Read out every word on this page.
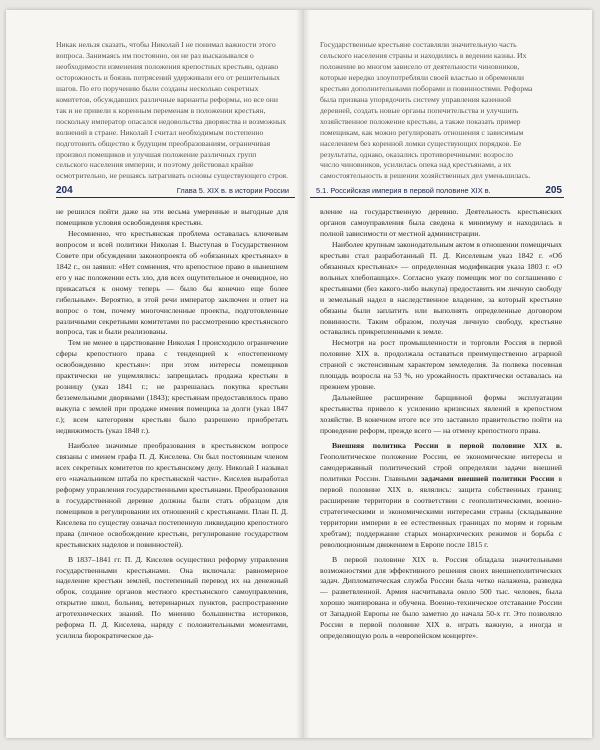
Никак нельзя сказать, чтобы Николай I не понимал важности этого
вопроса. Занимаясь им постоянно, он не раз высказывался о
необходимости изменения положения крепостных крестьян, однако
осторожность и боязнь потрясений удерживали его от решительных
шагов. По его поручению были созданы несколько секретных
комитетов, обсуждавших различные варианты реформы, но все они
так и не привели к коренным переменам в положении крестьян,
поскольку император опасался недовольства дворянства и возможных
волнений в стране. Николай I считал необходимым постепенно
подготовить общество к будущим преобразованиям, ограничивая
произвол помещиков и улучшая положение различных групп
сельского населения империи, и поэтому действовал крайне
осмотрительно, не решаясь затрагивать основы существующего строя.
204	Глава 5. XIX в. в истории России

не решился пойти даже на эти весьма умеренные и выгодные для помещиков условия освобождения крестьян.

Несомненно, что крестьянская проблема оставалась ключевым вопросом и всей политики Николая I. Выступая в Государственном Совете при обсуждении законопроекта об «обязанных крестьянах» в 1842 г., он заявил: «Нет сомнения, что крепостное право в нынешнем его у нас положении есть зло, для всех ощутительное и очевидное, но прикасаться к оному теперь — было бы конечно еще более гибельным». Вероятно, в этой речи император заключен и ответ на вопрос о том, почему многочисленные проекты, подготовленные различными секретными комитетами по рассмотрению крестьянского вопроса, так и были реализованы.

Тем не менее в царствование Николая I происходило ограничение сферы крепостного права с тенденцией к «постепенному освобождению крестьян»: при этом интересы помещиков практически не ущемлялись: запрещалась продажа крестьян в розницу (указ 1841 г.; не разрешалась покупка крестьян безземельными дворянами (1843); крестьянам предоставлялось право выкупа с землей при продаже имения помещика за долги (указ 1847 г.); всем категориям крестьян было разрешено приобретать недвижимость (указ 1848 г.).

Наиболее значимые преобразования в крестьянском вопросе связаны с именем графа П. Д. Киселева. Он был постоянным членом всех секретных комитетов по крестьянскому делу. Николай I называл его «начальником штаба по крестьянской части». Киселев выработал реформу управления государственными крестьянами. Преобразования в государственной деревне должны были стать образцом для помещиков в регулировании их отношений с крестьянами. План П. Д. Киселева по существу означал постепенную ликвидацию крепостного права (личное освобождение крестьян, регулирование государством крестьянских наделов и повинностей).

В 1837–1841 гг. П. Д. Киселев осуществил реформу управления государственными крестьянами. Она включала: равномерное наделение крестьян землей, постепенный перевод их на денежный оброк, создание органов местного крестьянского самоуправления, открытие школ, больниц, ветеринарных пунктов, распространение агротехнических знаний. По мнению большинства историков, реформа П. Д. Киселева, наряду с положительными моментами, усилила бюрократическое да-

Государственные крестьяне составляли значительную часть
сельского населения страны и находились в ведении казны. Их
положение во многом зависело от деятельности чиновников,
которые нередко злоупотребляли своей властью и обременяли
крестьян дополнительными поборами и повинностями. Реформа
была призвана упорядочить систему управления казенной
деревней, создать новые органы попечительства и улучшить
хозяйственное положение крестьян, а также показать пример
помещикам, как можно регулировать отношения с зависимым
населением без коренной ломки существующих порядков. Ее
результаты, однако, оказались противоречивыми: возросло
число чиновников, усилилась опека над крестьянами, а их
самостоятельность в решении хозяйственных дел уменьшилась.
5.1. Российская империя в первой половине XIX в.	205

вление на государственную деревню. Деятельность крестьянских органов самоуправления была сведена к минимуму и находилась в полной зависимости от местной администрации.

Наиболее крупным законодательным актом в отношении помещичьих крестьян стал разработанный П. Д. Киселевым указ 1842 г. «Об обязанных крестьянах» — определенная модификация указа 1803 г. «О вольных хлебопашцах». Согласно указу помещик мог по соглашению с крестьянами (без какого-либо выкупа) предоставить им личную свободу и земельный надел в наследственное владение, за который крестьяне обязаны были заплатить или выполнять определенные договором повинности. Таким образом, получая личную свободу, крестьяне оставались прикрепленными к земле.

Несмотря на рост промышленности и торговли Россия в первой половине XIX в. продолжала оставаться преимущественно аграрной страной с экстенсивным характером земледелия. За полвека посевная площадь возросла на 53 %, но урожайность практически оставалась на прежнем уровне.

Дальнейшее расширение барщинной формы эксплуатации крестьянства привело к усилению кризисных явлений в крепостном хозяйстве. В конечном итоге все это заставило правительство пойти на проведение реформ, прежде всего — на отмену крепостного права.

Внешняя политика России в первой половине XIX в. Геополитическое положение России, ее экономические интересы и самодержавный политический строй определяли задачи внешней политики России. Главными задачами внешней политики России в первой половине XIX в. являлись: защита собственных границ; расширение территории в соответствии с геополитическими, военно-стратегическими и экономическими интересами страны (складывание территории империи в ее естественных границах по морям и горным хребтам); поддержание старых монархических режимов и борьба с революционным движением в Европе после 1815 г.

В первой половине XIX в. Россия обладала значительными возможностями для эффективного решения своих внешнеполитических задач. Дипломатическая служба России была четко налажена, разведка — разветвленной. Армия насчитывала около 500 тыс. человек, была хорошо экипирована и обучена. Военно-техническое отставание России от Западной Европы не было заметно до начала 50-х гг. Это позволяло России в первой половине XIX в. играть важную, а иногда и определяющую роль в «европейском концерте».
